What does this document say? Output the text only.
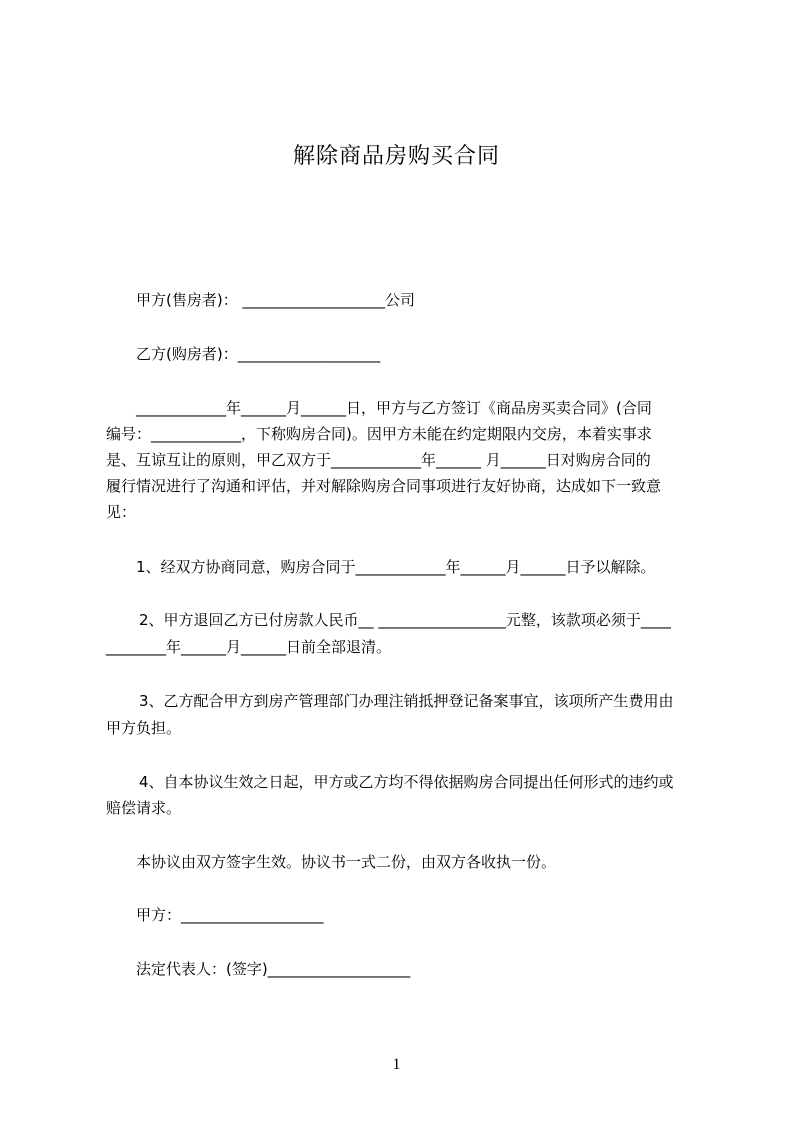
解除商品房购买合同
甲方(售房者)： ___________________公司
乙方(购房者)：___________________
____________年______月______日，甲方与乙方签订《商品房买卖合同》(合同
编号：____________，下称购房合同)。因甲方未能在约定期限内交房，本着实事求
是、互谅互让的原则，甲乙双方于____________年______ 月______日对购房合同的
履行情况进行了沟通和评估，并对解除购房合同事项进行友好协商，达成如下一致意
见：
1、经双方协商同意，购房合同于____________年______月______日予以解除。
2、甲方退回乙方已付房款人民币__ _________________元整，该款项必须于____
________年______月______日前全部退清。
3、乙方配合甲方到房产管理部门办理注销抵押登记备案事宜，该项所产生费用由
甲方负担。
4、自本协议生效之日起，甲方或乙方均不得依据购房合同提出任何形式的违约或
赔偿请求。
本协议由双方签字生效。协议书一式二份，由双方各收执一份。
甲方：___________________
法定代表人：(签字)___________________
1
